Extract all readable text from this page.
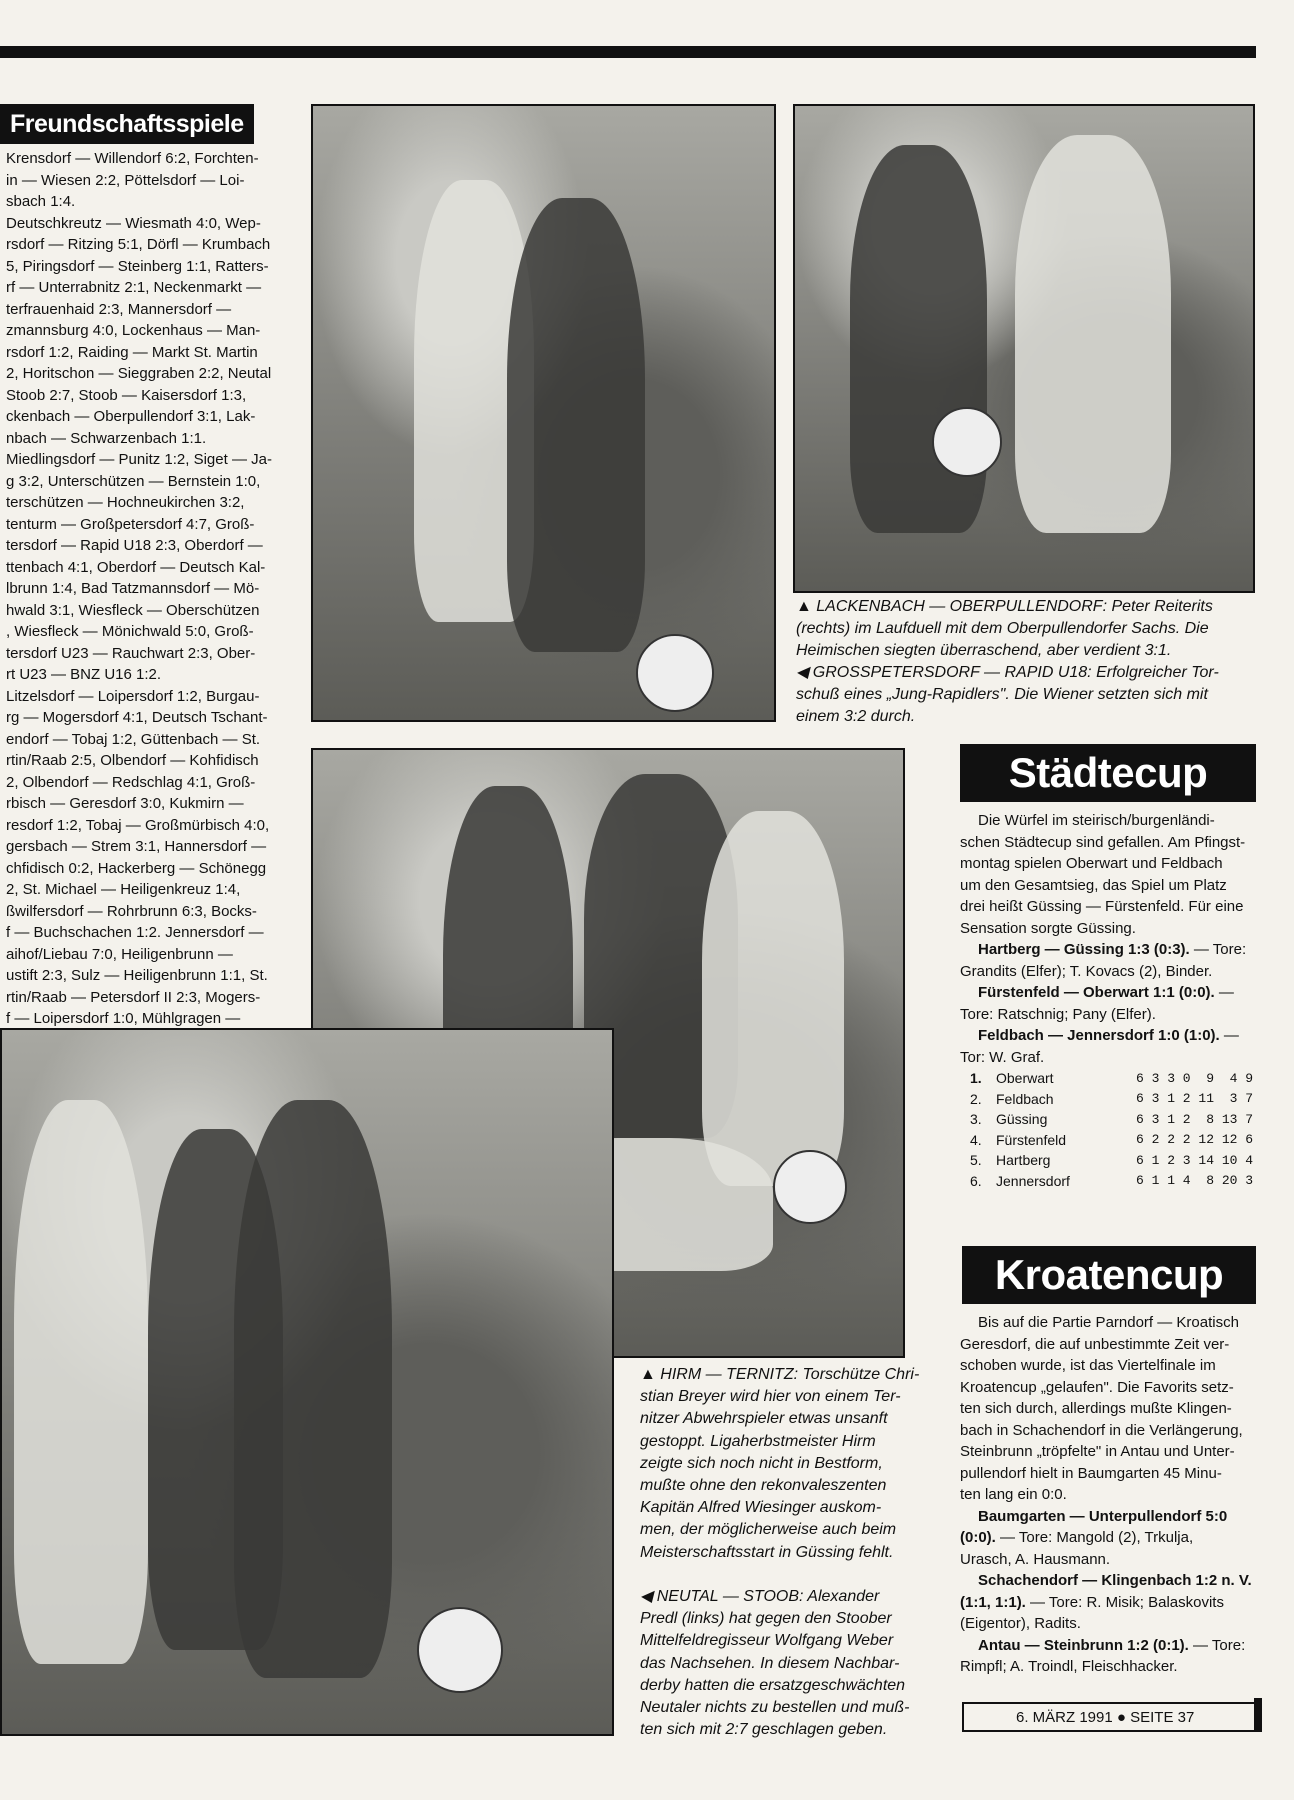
Freundschaftsspiele
Krensdorf — Willendorf 6:2, Forchten-
in — Wiesen 2:2, Pöttelsdorf — Loi-
sbach 1:4.
Deutschkreutz — Wiesmath 4:0, Wep-
rsdorf — Ritzing 5:1, Dörfl — Krumbach
5, Piringsdorf — Steinberg 1:1, Ratters-
rf — Unterrabnitz 2:1, Neckenmarkt —
terfrauenhaid 2:3, Mannersdorf —
zmannsburg 4:0, Lockenhaus — Man-
rsdorf 1:2, Raiding — Markt St. Martin
2, Horitschon — Sieggraben 2:2, Neutal
Stoob 2:7, Stoob — Kaisersdorf 1:3,
ckenbach — Oberpullendorf 3:1, Lak-
nbach — Schwarzenbach 1:1.
Miedlingsdorf — Punitz 1:2, Siget — Ja-
g 3:2, Unterschützen — Bernstein 1:0,
terschützen — Hochneukirchen 3:2,
tenturm — Großpetersdorf 4:7, Groß-
tersdorf — Rapid U18 2:3, Oberdorf —
ttenbach 4:1, Oberdorf — Deutsch Kal-
lbrunn 1:4, Bad Tatzmannsdorf — Mö-
hwald 3:1, Wiesfleck — Oberschützen
, Wiesfleck — Mönichwald 5:0, Groß-
tersdorf U23 — Rauchwart 2:3, Ober-
rt U23 — BNZ U16 1:2.
Litzelsdorf — Loipersdorf 1:2, Burgau-
rg — Mogersdorf 4:1, Deutsch Tschant-
endorf — Tobaj 1:2, Güttenbach — St.
rtin/Raab 2:5, Olbendorf — Kohfidisch
2, Olbendorf — Redschlag 4:1, Groß-
rbisch — Geresdorf 3:0, Kukmirn —
resdorf 1:2, Tobaj — Großmürbisch 4:0,
gersbach — Strem 3:1, Hannersdorf —
chfidisch 0:2, Hackerberg — Schönegg
2, St. Michael — Heiligenkreuz 1:4,
ßwilfersdorf — Rohrbrunn 6:3, Bocks-
f — Buchschachen 1:2. Jennersdorf —
aihof/Liebau 7:0, Heiligenbrunn —
ustift 2:3, Sulz — Heiligenbrunn 1:1, St.
rtin/Raab — Petersdorf II 2:3, Mogers-
f — Loipersdorf 1:0, Mühlgragen —
▲ LACKENBACH — OBERPULLENDORF: Peter Reiterits
(rechts) im Laufduell mit dem Oberpullendorfer Sachs. Die
Heimischen siegten überraschend, aber verdient 3:1.
◀ GROSSPETERSDORF — RAPID U18: Erfolgreicher Tor-
schuß eines „Jung-Rapidlers". Die Wiener setzten sich mit
einem 3:2 durch.
▲ HIRM — TERNITZ: Torschütze Chri-
stian Breyer wird hier von einem Ter-
nitzer Abwehrspieler etwas unsanft
gestoppt. Ligaherbstmeister Hirm
zeigte sich noch nicht in Bestform,
mußte ohne den rekonvaleszenten
Kapitän Alfred Wiesinger auskom-
men, der möglicherweise auch beim
Meisterschaftsstart in Güssing fehlt.

◀ NEUTAL — STOOB: Alexander
Predl (links) hat gegen den Stoober
Mittelfeldregisseur Wolfgang Weber
das Nachsehen. In diesem Nachbar-
derby hatten die ersatzgeschwächten
Neutaler nichts zu bestellen und muß-
ten sich mit 2:7 geschlagen geben.
Städtecup
Die Würfel im steirisch/burgenländi-
schen Städtecup sind gefallen. Am Pfingst-
montag spielen Oberwart und Feldbach
um den Gesamtsieg, das Spiel um Platz
drei heißt Güssing — Fürstenfeld. Für eine
Sensation sorgte Güssing.
Hartberg — Güssing 1:3 (0:3). — Tore:
Grandits (Elfer); T. Kovacs (2), Binder.
Fürstenfeld — Oberwart 1:1 (0:0). —
Tore: Ratschnig; Pany (Elfer).
Feldbach — Jennersdorf 1:0 (1:0). —
Tor: W. Graf.
1.	Oberwart	6 3 3 0  9  4 9
2.	Feldbach	6 3 1 2 11  3 7
3.	Güssing	6 3 1 2  8 13 7
4.	Fürstenfeld	6 2 2 2 12 12 6
5.	Hartberg	6 1 2 3 14 10 4
6.	Jennersdorf	6 1 1 4  8 20 3
Kroatencup
Bis auf die Partie Parndorf — Kroatisch
Geresdorf, die auf unbestimmte Zeit ver-
schoben wurde, ist das Viertelfinale im
Kroatencup „gelaufen". Die Favorits setz-
ten sich durch, allerdings mußte Klingen-
bach in Schachendorf in die Verlängerung,
Steinbrunn „tröpfelte" in Antau und Unter-
pullendorf hielt in Baumgarten 45 Minu-
ten lang ein 0:0.
Baumgarten — Unterpullendorf 5:0
(0:0). — Tore: Mangold (2), Trkulja,
Urasch, A. Hausmann.
Schachendorf — Klingenbach 1:2 n. V.
(1:1, 1:1). — Tore: R. Misik; Balaskovits
(Eigentor), Radits.
Antau — Steinbrunn 1:2 (0:1). — Tore:
Rimpfl; A. Troindl, Fleischhacker.
6. MÄRZ 1991 ● SEITE 37
